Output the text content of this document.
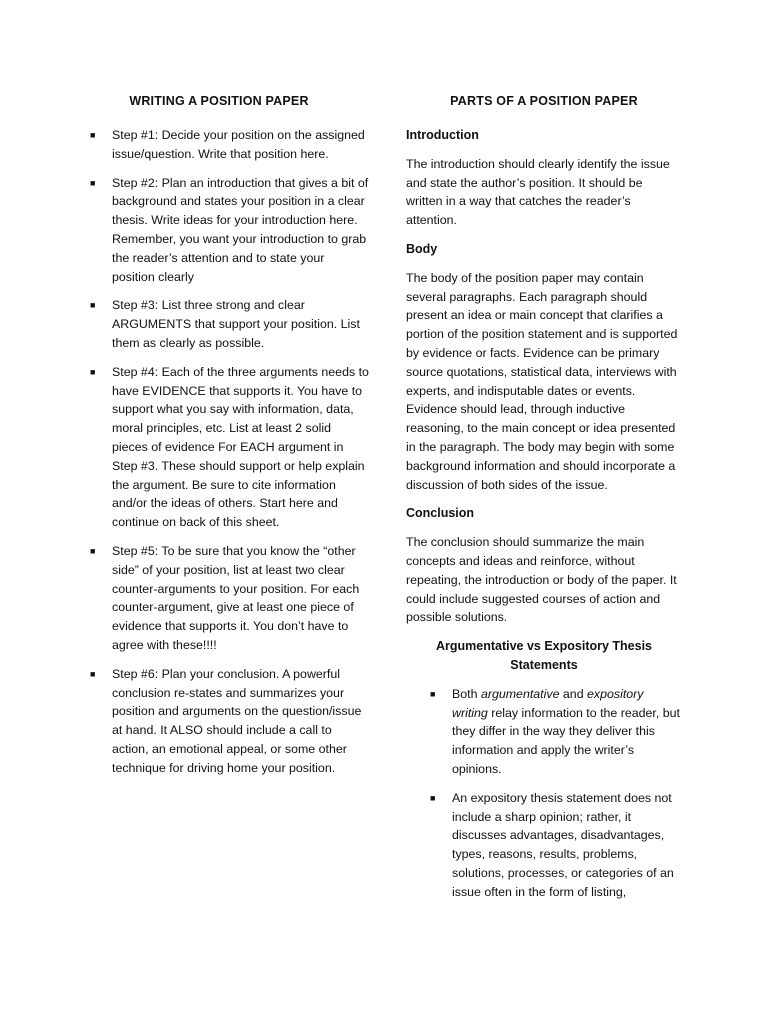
WRITING A POSITION PAPER
■ Step #1: Decide your position on the assigned issue/question. Write that position here.
■ Step #2: Plan an introduction that gives a bit of background and states your position in a clear thesis. Write ideas for your introduction here. Remember, you want your introduction to grab the reader’s attention and to state your position clearly
■ Step #3: List three strong and clear ARGUMENTS that support your position. List them as clearly as possible.
■ Step #4: Each of the three arguments needs to have EVIDENCE that supports it. You have to support what you say with information, data, moral principles, etc. List at least 2 solid pieces of evidence For EACH argument in Step #3. These should support or help explain the argument. Be sure to cite information and/or the ideas of others. Start here and continue on back of this sheet.
■ Step #5: To be sure that you know the “other side” of your position, list at least two clear counter-arguments to your position. For each counter-argument, give at least one piece of evidence that supports it. You don’t have to agree with these!!!!
■ Step #6: Plan your conclusion. A powerful conclusion re-states and summarizes your position and arguments on the question/issue at hand. It ALSO should include a call to action, an emotional appeal, or some other technique for driving home your position.
PARTS OF A POSITION PAPER
Introduction
The introduction should clearly identify the issue and state the author’s position. It should be written in a way that catches the reader’s attention.
Body
The body of the position paper may contain several paragraphs. Each paragraph should present an idea or main concept that clarifies a portion of the position statement and is supported by evidence or facts. Evidence can be primary source quotations, statistical data, interviews with experts, and indisputable dates or events. Evidence should lead, through inductive reasoning, to the main concept or idea presented in the paragraph. The body may begin with some background information and should incorporate a discussion of both sides of the issue.
Conclusion
The conclusion should summarize the main concepts and ideas and reinforce, without repeating, the introduction or body of the paper. It could include suggested courses of action and possible solutions.
Argumentative vs Expository Thesis Statements
■ Both argumentative and expository writing relay information to the reader, but they differ in the way they deliver this information and apply the writer’s opinions.
■ An expository thesis statement does not include a sharp opinion; rather, it discusses advantages, disadvantages, types, reasons, results, problems, solutions, processes, or categories of an issue often in the form of listing,
